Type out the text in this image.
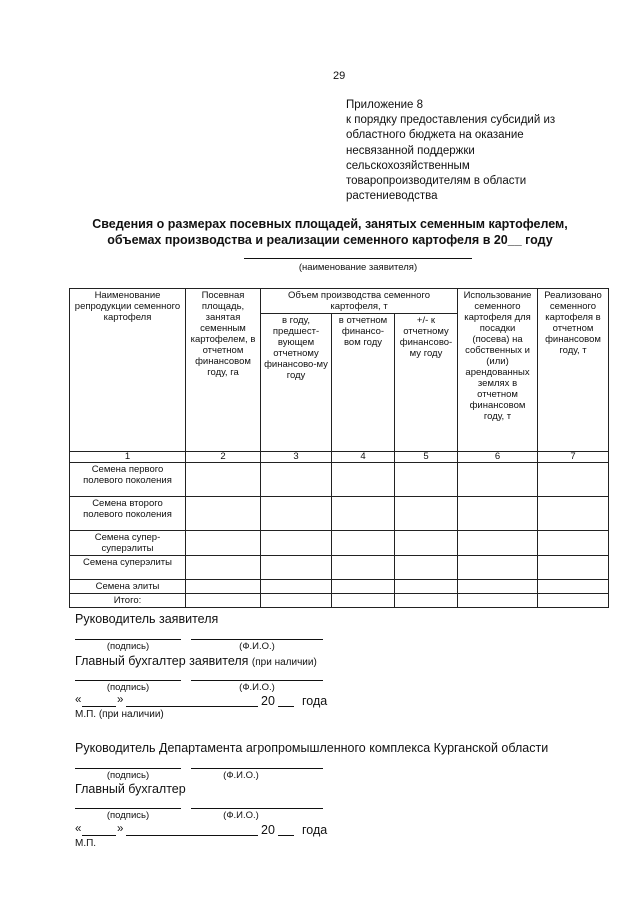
29
Приложение 8
к порядку предоставления субсидий из
областного бюджета на оказание
несвязанной поддержки
сельскохозяйственным
товаропроизводителям в области
растениеводства
Сведения о размерах посевных площадей, занятых семенным картофелем,
объемах производства и реализации семенного картофеля в 20__ году
(наименование заявителя)
Наименование репродукции семенного картофеля	Посевная площадь, занятая семенным картофелем, в отчетном финансовом году, га	Объем производства семенного картофеля, т			Использование семенного картофеля для посадки (посева) на собственных и (или) арендованных землях в отчетном финансовом году, т	Реализовано семенного картофеля в отчетном финансовом году, т
		в году, предшест-вующем отчетному финансово-му году	в отчетном финансо-вом году	+/- к отчетному финансово-му году		
1	2	3	4	5	6	7
Семена первого полевого поколения						
Семена второго полевого поколения						
Семена супер-суперэлиты						
Семена суперэлиты						
Семена элиты						
Итого:						
Руководитель заявителя
(подпись)	(Ф.И.О.)
Главный бухгалтер заявителя (при наличии)
(подпись)	(Ф.И.О.)
«	»	20 года
М.П. (при наличии)
Руководитель Департамента агропромышленного комплекса Курганской области
(подпись)	(Ф.И.О.)
Главный бухгалтер
(подпись)	(Ф.И.О.)
«	»	20 года
М.П.
